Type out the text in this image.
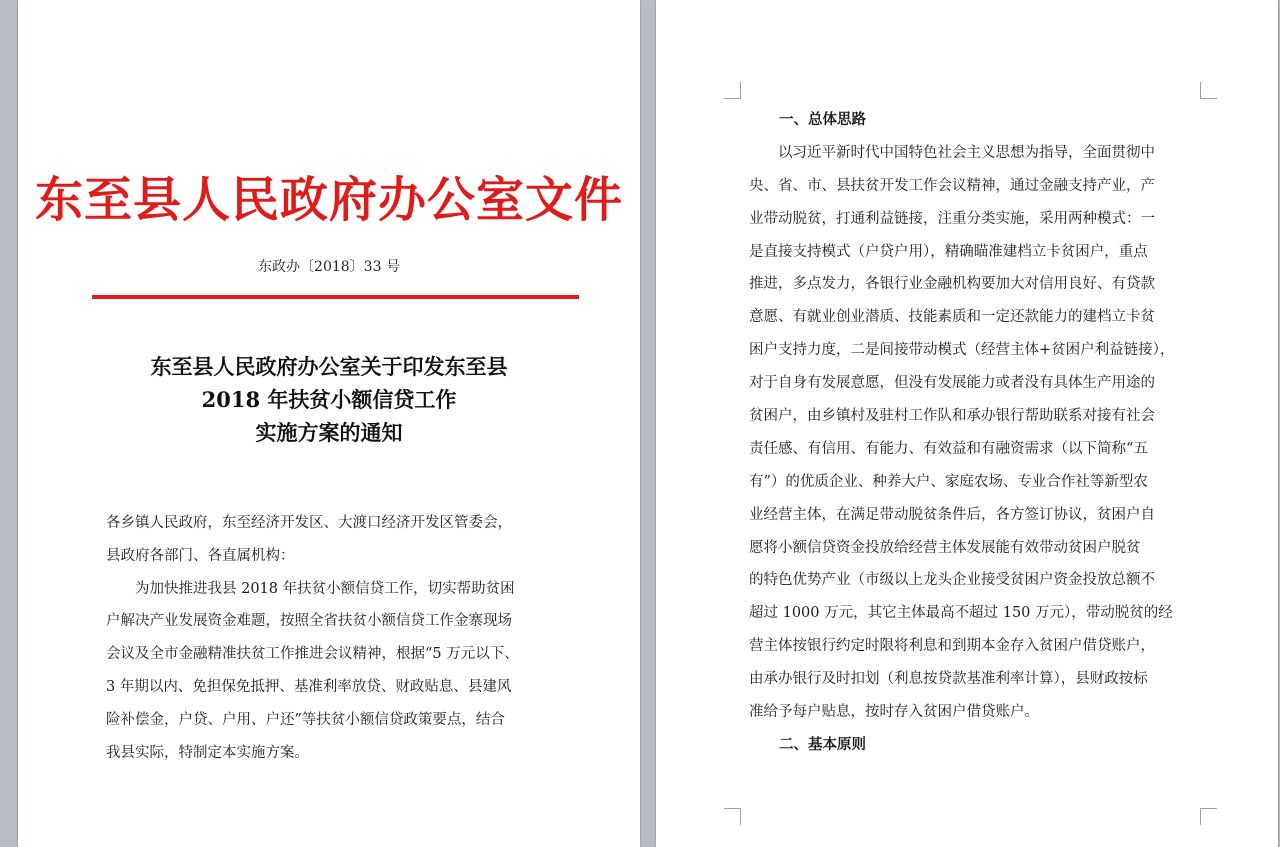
东至县人民政府办公室文件
东政办〔2018〕33 号
东至县人民政府办公室关于印发东至县
2018 年扶贫小额信贷工作
实施方案的通知
各乡镇人民政府，东至经济开发区、大渡口经济开发区管委会，
县政府各部门、各直属机构：
　　为加快推进我县 2018 年扶贫小额信贷工作，切实帮助贫困
户解决产业发展资金难题，按照全省扶贫小额信贷工作金寨现场
会议及全市金融精准扶贫工作推进会议精神，根据“5 万元以下、
3 年期以内、免担保免抵押、基准利率放贷、财政贴息、县建风
险补偿金，户贷、户用、户还”等扶贫小额信贷政策要点，结合
我县实际，特制定本实施方案。
一、总体思路
　　以习近平新时代中国特色社会主义思想为指导，全面贯彻中
央、省、市、县扶贫开发工作会议精神，通过金融支持产业，产
业带动脱贫，打通利益链接，注重分类实施，采用两种模式：一
是直接支持模式（户贷户用），精确瞄准建档立卡贫困户，重点
推进，多点发力，各银行业金融机构要加大对信用良好、有贷款
意愿、有就业创业潜质、技能素质和一定还款能力的建档立卡贫
困户支持力度，二是间接带动模式（经营主体+贫困户利益链接），
对于自身有发展意愿，但没有发展能力或者没有具体生产用途的
贫困户，由乡镇村及驻村工作队和承办银行帮助联系对接有社会
责任感、有信用、有能力、有效益和有融资需求（以下简称“五
有”）的优质企业、种养大户、家庭农场、专业合作社等新型农
业经营主体，在满足带动脱贫条件后，各方签订协议，贫困户自
愿将小额信贷资金投放给经营主体发展能有效带动贫困户脱贫
的特色优势产业（市级以上龙头企业接受贫困户资金投放总额不
超过 1000 万元，其它主体最高不超过 150 万元），带动脱贫的经
营主体按银行约定时限将利息和到期本金存入贫困户借贷账户，
由承办银行及时扣划（利息按贷款基准利率计算），县财政按标
准给予每户贴息，按时存入贫困户借贷账户。
二、基本原则
